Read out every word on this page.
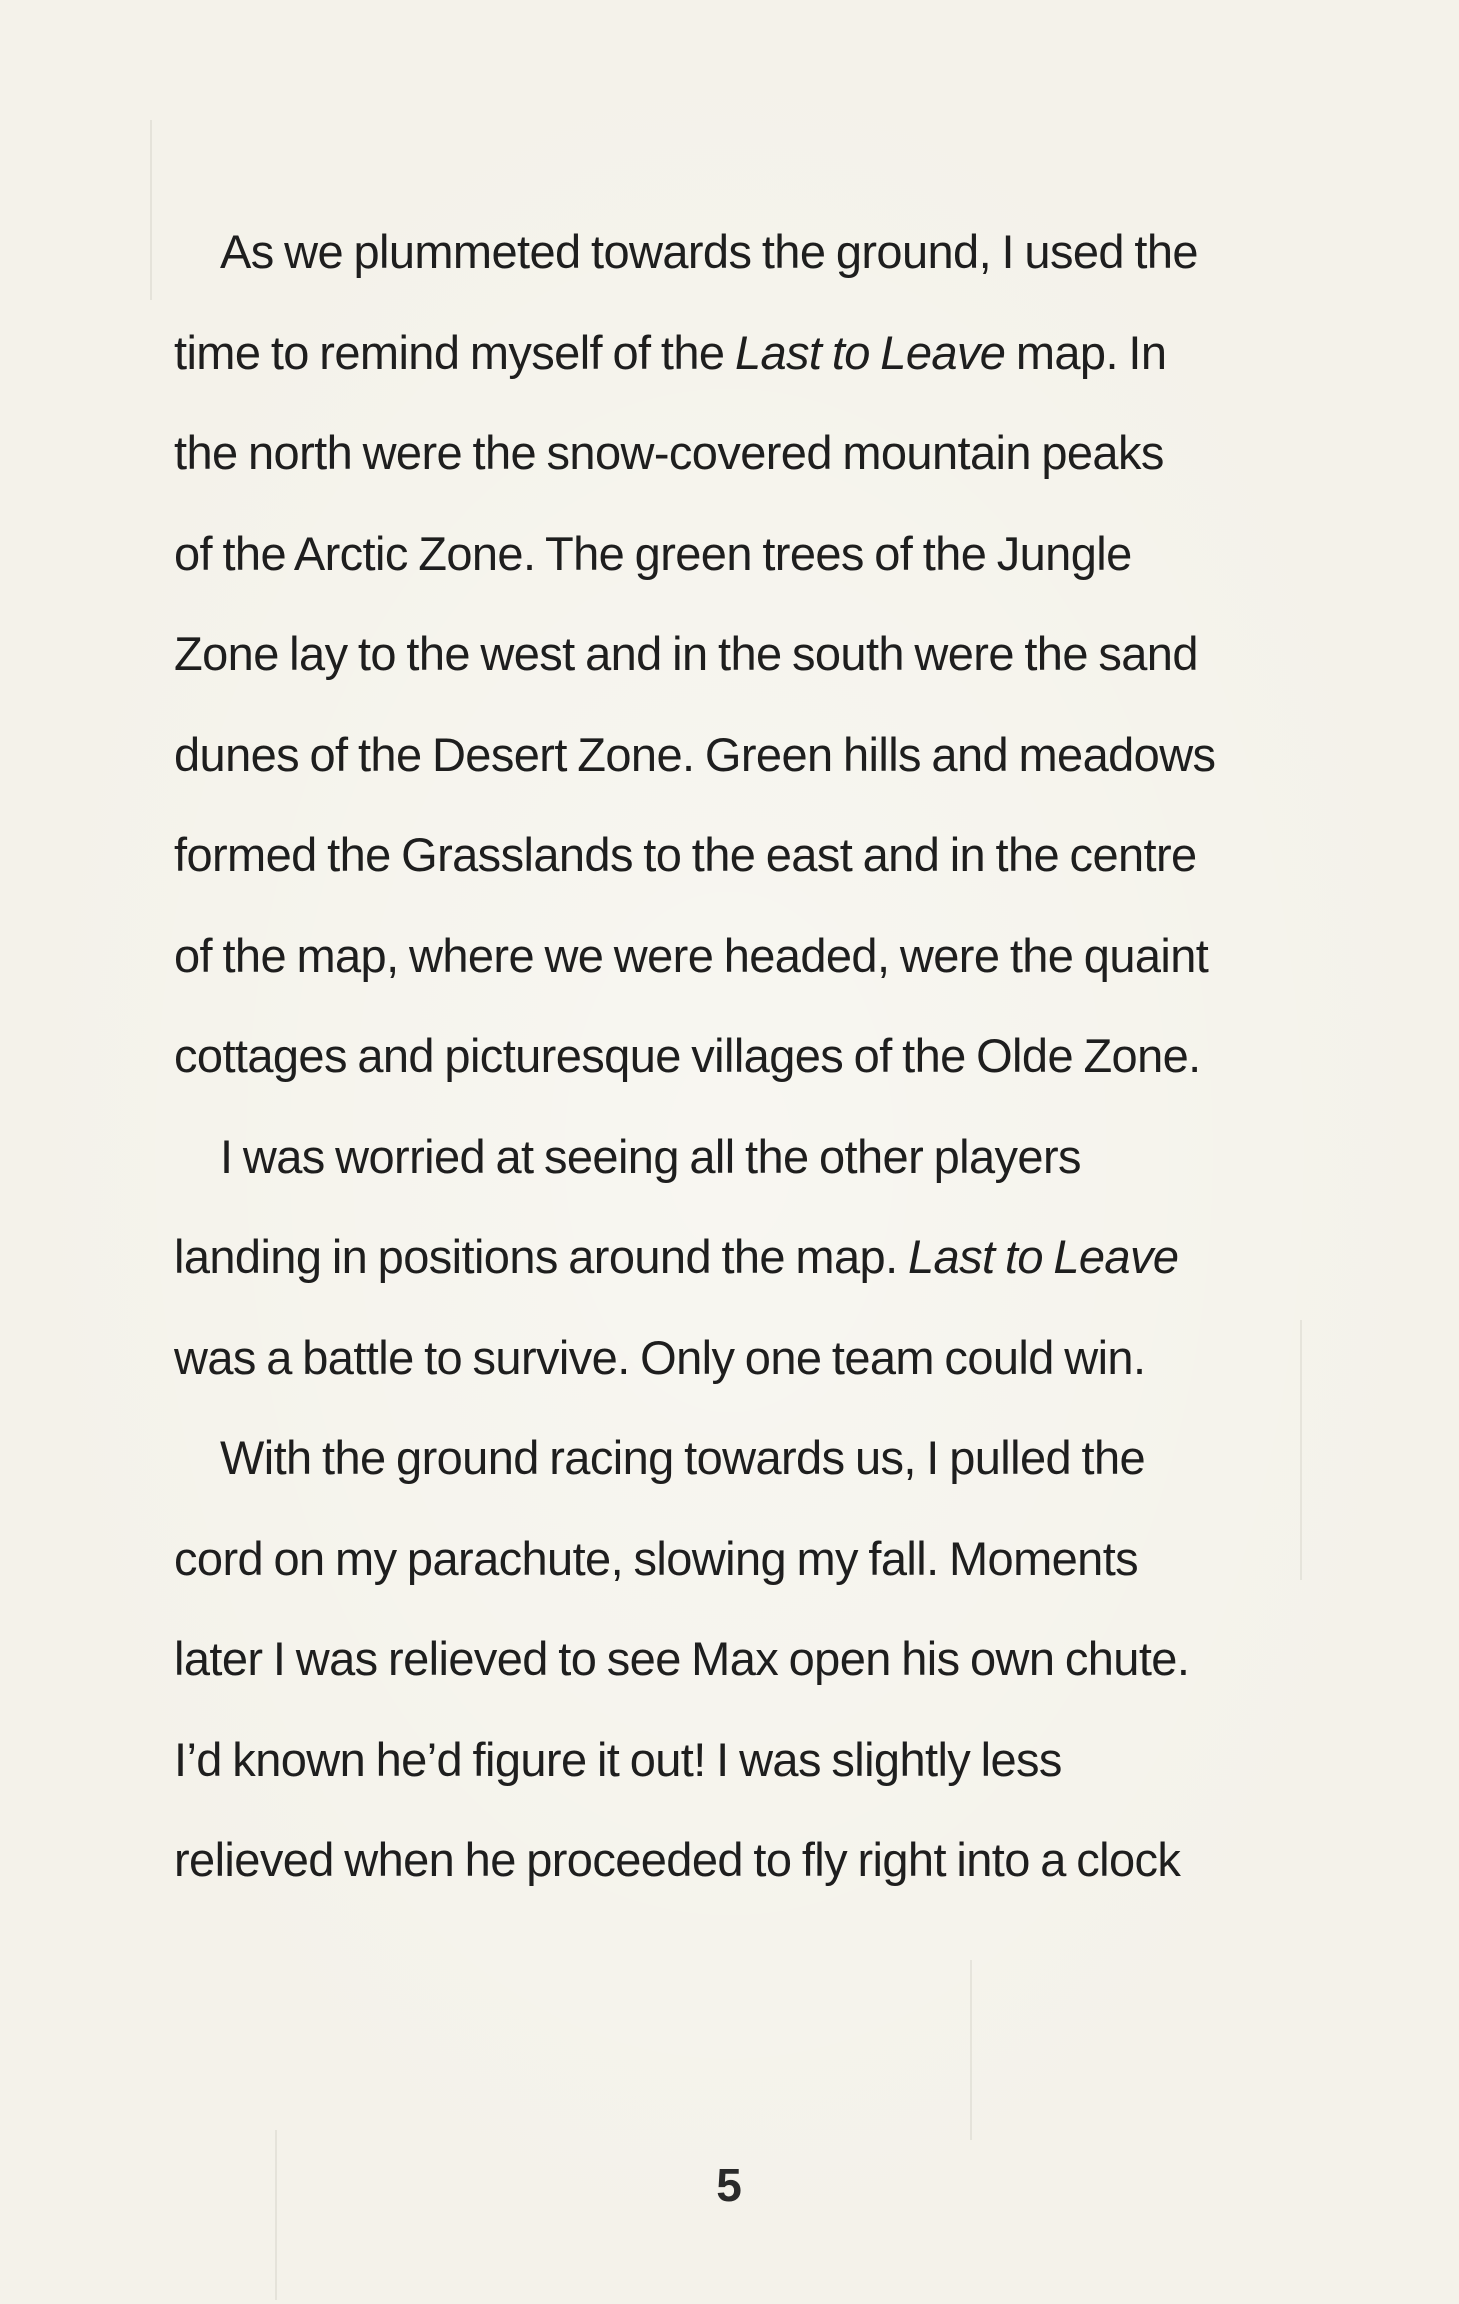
As we plummeted towards the ground, I used the
time to remind myself of the Last to Leave map. In
the north were the snow-covered mountain peaks
of the Arctic Zone. The green trees of the Jungle
Zone lay to the west and in the south were the sand
dunes of the Desert Zone. Green hills and meadows
formed the Grasslands to the east and in the centre
of the map, where we were headed, were the quaint
cottages and picturesque villages of the Olde Zone.
I was worried at seeing all the other players
landing in positions around the map. Last to Leave
was a battle to survive. Only one team could win.
With the ground racing towards us, I pulled the
cord on my parachute, slowing my fall. Moments
later I was relieved to see Max open his own chute.
I’d known he’d figure it out! I was slightly less
relieved when he proceeded to fly right into a clock
5
